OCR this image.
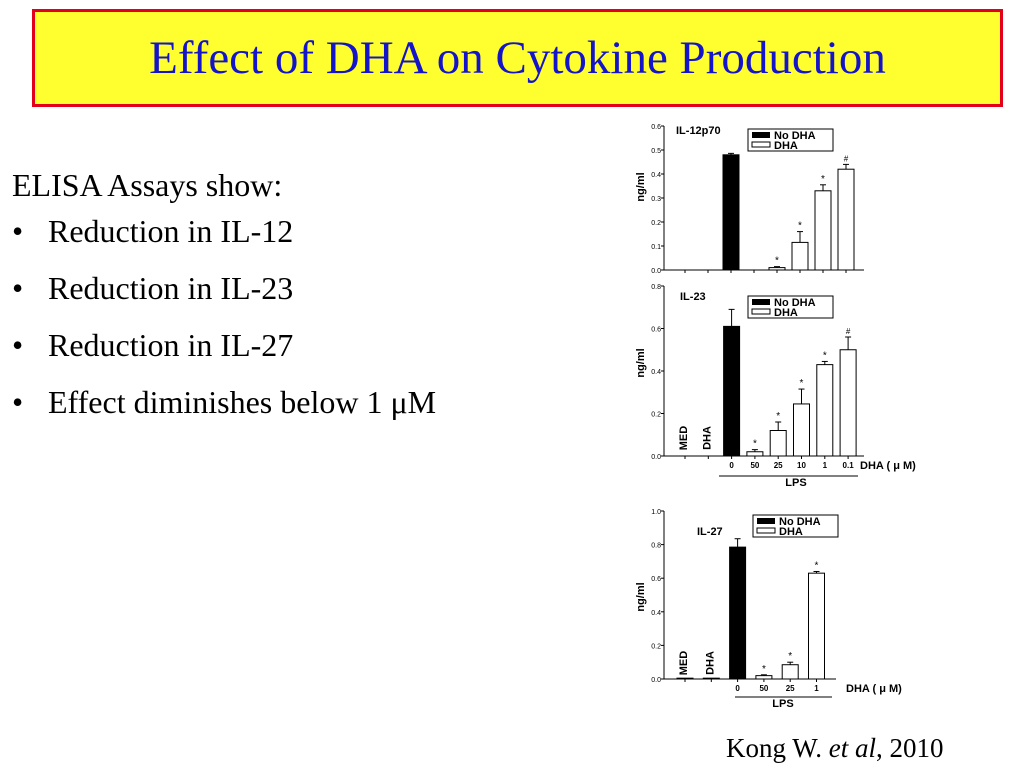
Effect of DHA on Cytokine Production
ELISA Assays show:
• Reduction in IL-12
• Reduction in IL-23
• Reduction in IL-27
• Effect diminishes below 1 μM
0.0
0.1
0.2
0.3
0.4
0.5
0.6
ng/ml
IL-12p70	No DHA
DHA
*
*
*
#
0.0
0.2
0.4
0.6
0.8
ng/ml
IL-23	No DHA
DHA
0
*
50
*
25
*
10
*
1
#
0.1
MED DHA
DHA ( μ M)
LPS
0.0
0.2
0.4
0.6
0.8
1.0
ng/ml
IL-27
No DHA
DHA
0
*
50
*
25
*
1
MED DHA
DHA ( μ M)
LPS
Kong W. et al, 2010
